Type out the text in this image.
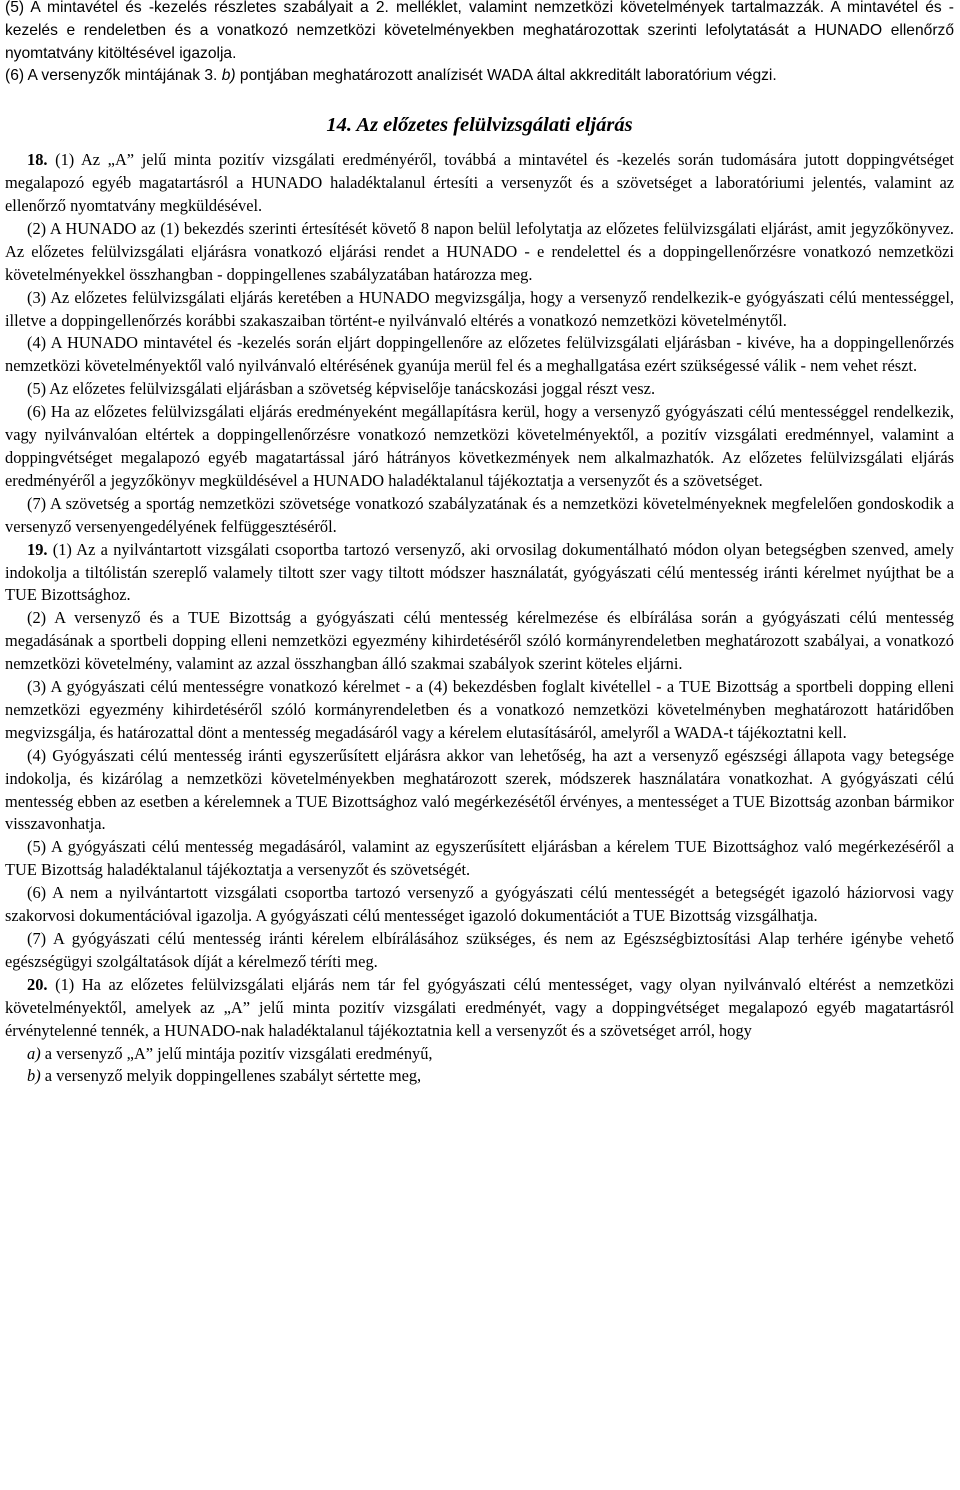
(5) A mintavétel és -kezelés részletes szabályait a 2. melléklet, valamint nemzetközi követelmények tartalmazzák. A mintavétel és -kezelés e rendeletben és a vonatkozó nemzetközi követelményekben meghatározottak szerinti lefolytatását a HUNADO ellenőrző nyomtatvány kitöltésével igazolja.

(6) A versenyzők mintájának 3. b) pontjában meghatározott analízisét WADA által akkreditált laboratórium végzi.

14. Az előzetes felülvizsgálati eljárás

18. (1) Az „A” jelű minta pozitív vizsgálati eredményéről, továbbá a mintavétel és -kezelés során tudomására jutott doppingvétséget megalapozó egyéb magatartásról a HUNADO haladéktalanul értesíti a versenyzőt és a szövetséget a laboratóriumi jelentés, valamint az ellenőrző nyomtatvány megküldésével.

(2) A HUNADO az (1) bekezdés szerinti értesítését követő 8 napon belül lefolytatja az előzetes felülvizsgálati eljárást, amit jegyzőkönyvez. Az előzetes felülvizsgálati eljárásra vonatkozó eljárási rendet a HUNADO - e rendelettel és a doppingellenőrzésre vonatkozó nemzetközi követelményekkel összhangban - doppingellenes szabályzatában határozza meg.

(3) Az előzetes felülvizsgálati eljárás keretében a HUNADO megvizsgálja, hogy a versenyző rendelkezik-e gyógyászati célú mentességgel, illetve a doppingellenőrzés korábbi szakaszaiban történt-e nyilvánvaló eltérés a vonatkozó nemzetközi követelménytől.

(4) A HUNADO mintavétel és -kezelés során eljárt doppingellenőre az előzetes felülvizsgálati eljárásban - kivéve, ha a doppingellenőrzés nemzetközi követelményektől való nyilvánvaló eltérésének gyanúja merül fel és a meghallgatása ezért szükségessé válik - nem vehet részt.

(5) Az előzetes felülvizsgálati eljárásban a szövetség képviselője tanácskozási joggal részt vesz.

(6) Ha az előzetes felülvizsgálati eljárás eredményeként megállapításra kerül, hogy a versenyző gyógyászati célú mentességgel rendelkezik, vagy nyilvánvalóan eltértek a doppingellenőrzésre vonatkozó nemzetközi követelményektől, a pozitív vizsgálati eredménnyel, valamint a doppingvétséget megalapozó egyéb magatartással járó hátrányos következmények nem alkalmazhatók. Az előzetes felülvizsgálati eljárás eredményéről a jegyzőkönyv megküldésével a HUNADO haladéktalanul tájékoztatja a versenyzőt és a szövetséget.

(7) A szövetség a sportág nemzetközi szövetsége vonatkozó szabályzatának és a nemzetközi követelményeknek megfelelően gondoskodik a versenyző versenyengedélyének felfüggesztéséről.

19. (1) Az a nyilvántartott vizsgálati csoportba tartozó versenyző, aki orvosilag dokumentálható módon olyan betegségben szenved, amely indokolja a tiltólistán szereplő valamely tiltott szer vagy tiltott módszer használatát, gyógyászati célú mentesség iránti kérelmet nyújthat be a TUE Bizottsághoz.

(2) A versenyző és a TUE Bizottság a gyógyászati célú mentesség kérelmezése és elbírálása során a gyógyászati célú mentesség megadásának a sportbeli dopping elleni nemzetközi egyezmény kihirdetéséről szóló kormányrendeletben meghatározott szabályai, a vonatkozó nemzetközi követelmény, valamint az azzal összhangban álló szakmai szabályok szerint köteles eljárni.

(3) A gyógyászati célú mentességre vonatkozó kérelmet - a (4) bekezdésben foglalt kivétellel - a TUE Bizottság a sportbeli dopping elleni nemzetközi egyezmény kihirdetéséről szóló kormányrendeletben és a vonatkozó nemzetközi követelményben meghatározott határidőben megvizsgálja, és határozattal dönt a mentesség megadásáról vagy a kérelem elutasításáról, amelyről a WADA-t tájékoztatni kell.

(4) Gyógyászati célú mentesség iránti egyszerűsített eljárásra akkor van lehetőség, ha azt a versenyző egészségi állapota vagy betegsége indokolja, és kizárólag a nemzetközi követelményekben meghatározott szerek, módszerek használatára vonatkozhat. A gyógyászati célú mentesség ebben az esetben a kérelemnek a TUE Bizottsághoz való megérkezésétől érvényes, a mentességet a TUE Bizottság azonban bármikor visszavonhatja.

(5) A gyógyászati célú mentesség megadásáról, valamint az egyszerűsített eljárásban a kérelem TUE Bizottsághoz való megérkezéséről a TUE Bizottság haladéktalanul tájékoztatja a versenyzőt és szövetségét.

(6) A nem a nyilvántartott vizsgálati csoportba tartozó versenyző a gyógyászati célú mentességét a betegségét igazoló háziorvosi vagy szakorvosi dokumentációval igazolja. A gyógyászati célú mentességet igazoló dokumentációt a TUE Bizottság vizsgálhatja.

(7) A gyógyászati célú mentesség iránti kérelem elbírálásához szükséges, és nem az Egészségbiztosítási Alap terhére igénybe vehető egészségügyi szolgáltatások díját a kérelmező téríti meg.

20. (1) Ha az előzetes felülvizsgálati eljárás nem tár fel gyógyászati célú mentességet, vagy olyan nyilvánvaló eltérést a nemzetközi követelményektől, amelyek az „A” jelű minta pozitív vizsgálati eredményét, vagy a doppingvétséget megalapozó egyéb magatartásról érvénytelenné tennék, a HUNADO-nak haladéktalanul tájékoztatnia kell a versenyzőt és a szövetséget arról, hogy

a) a versenyző „A” jelű mintája pozitív vizsgálati eredményű,

b) a versenyző melyik doppingellenes szabályt sértette meg,
